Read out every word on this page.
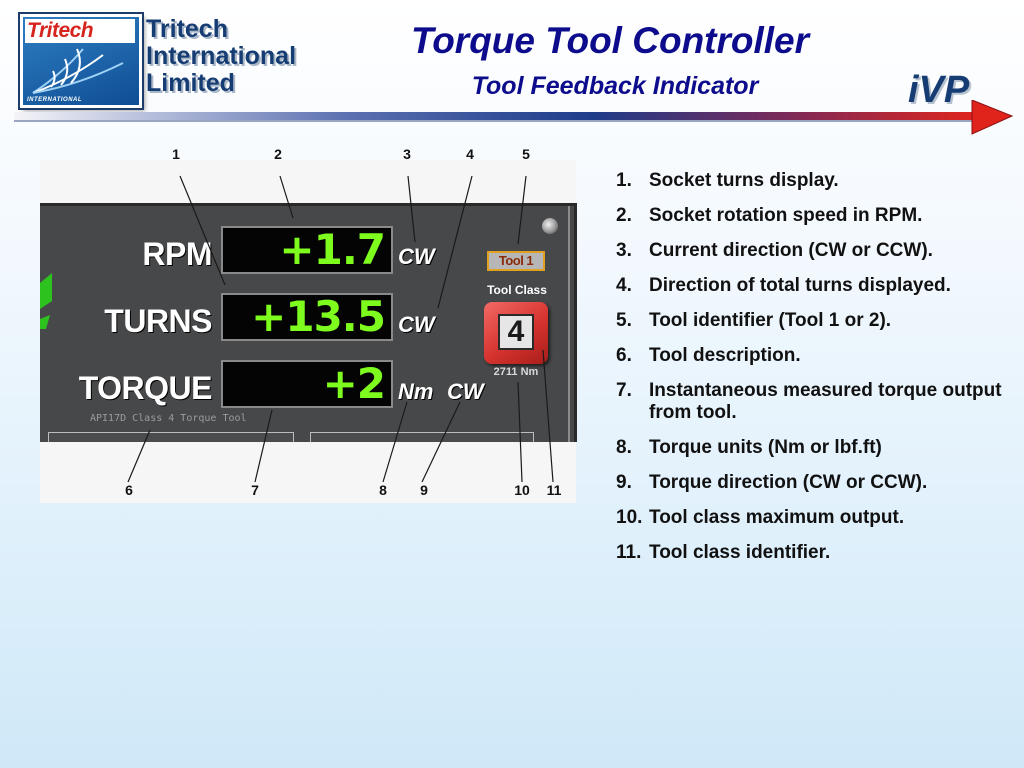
Tritech
INTERNATIONAL
Tritech
International
Limited
Torque Tool Controller
Tool Feedback Indicator	iVP
RPM	+1.7 CW
TURNS +13.5 CW
TORQUE	+2 Nm CW
Tool 1
Tool Class
4
2711 Nm
API17D Class 4 Torque Tool
1	2	3	4	5
6	7	8	9	10	11
1. Socket turns display.
2. Socket rotation speed in RPM.
3. Current direction (CW or CCW).
4. Direction of total turns displayed.
5. Tool identifier (Tool 1 or 2).
6. Tool description.
7. Instantaneous measured torque output from tool.
8. Torque units (Nm or lbf.ft)
9. Torque direction (CW or CCW).
10. Tool class maximum output.
11. Tool class identifier.
